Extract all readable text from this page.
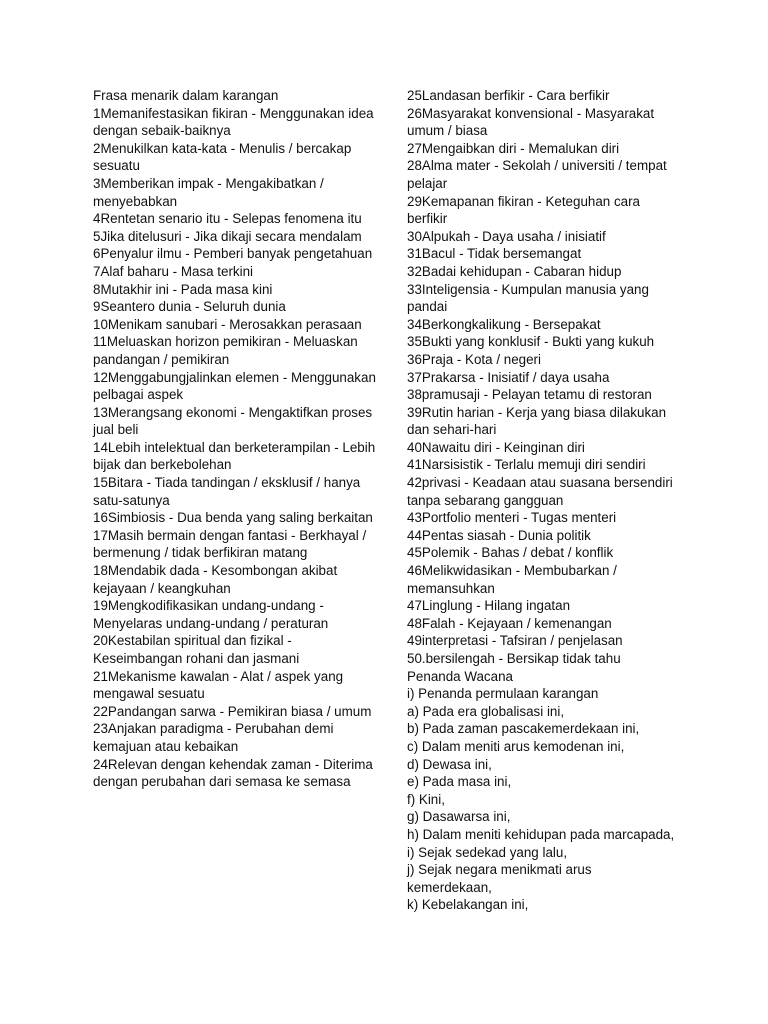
Frasa menarik dalam karangan
1Memanifestasikan fikiran - Menggunakan idea dengan sebaik-baiknya
2Menukilkan kata-kata - Menulis / bercakap sesuatu
3Memberikan impak - Mengakibatkan / menyebabkan
4Rentetan senario itu - Selepas fenomena itu
5Jika ditelusuri - Jika dikaji secara mendalam
6Penyalur ilmu - Pemberi banyak pengetahuan
7Alaf baharu - Masa terkini
8Mutakhir ini - Pada masa kini
9Seantero dunia - Seluruh dunia
10Menikam sanubari - Merosakkan perasaan
11Meluaskan horizon pemikiran - Meluaskan pandangan / pemikiran
12Menggabungjalinkan elemen - Menggunakan pelbagai aspek
13Merangsang ekonomi - Mengaktifkan proses jual beli
14Lebih intelektual dan berketerampilan - Lebih bijak dan berkebolehan
15Bitara - Tiada tandingan / eksklusif / hanya satu-satunya
16Simbiosis - Dua benda yang saling berkaitan
17Masih bermain dengan fantasi - Berkhayal / bermenung / tidak berfikiran matang
18Mendabik dada - Kesombongan akibat kejayaan / keangkuhan
19Mengkodifikasikan undang-undang - Menyelaras undang-undang / peraturan
20Kestabilan spiritual dan fizikal - Keseimbangan rohani dan jasmani
21Mekanisme kawalan - Alat / aspek yang mengawal sesuatu
22Pandangan sarwa - Pemikiran biasa / umum
23Anjakan paradigma - Perubahan demi kemajuan atau kebaikan
24Relevan dengan kehendak zaman - Diterima dengan perubahan dari semasa ke semasa
25Landasan berfikir - Cara berfikir
26Masyarakat konvensional - Masyarakat umum / biasa
27Mengaibkan diri - Memalukan diri
28Alma mater - Sekolah / universiti / tempat pelajar
29Kemapanan fikiran - Keteguhan cara berfikir
30Alpukah - Daya usaha / inisiatif
31Bacul - Tidak bersemangat
32Badai kehidupan - Cabaran hidup
33Inteligensia - Kumpulan manusia yang pandai
34Berkongkalikung - Bersepakat
35Bukti yang konklusif - Bukti yang kukuh
36Praja - Kota / negeri
37Prakarsa - Inisiatif / daya usaha
38pramusaji - Pelayan tetamu di restoran
39Rutin harian - Kerja yang biasa dilakukan dan sehari-hari
40Nawaitu diri - Keinginan diri
41Narsisistik - Terlalu memuji diri sendiri
42privasi - Keadaan atau suasana bersendiri tanpa sebarang gangguan
43Portfolio menteri - Tugas menteri
44Pentas siasah - Dunia politik
45Polemik - Bahas / debat / konflik
46Melikwidasikan - Membubarkan / memansuhkan
47Linglung - Hilang ingatan
48Falah - Kejayaan / kemenangan
49interpretasi - Tafsiran / penjelasan
50.bersilengah - Bersikap tidak tahu
Penanda Wacana
i) Penanda permulaan karangan
a) Pada era globalisasi ini,
b) Pada zaman pascakemerdekaan ini,
c) Dalam meniti arus kemodenan ini,
d) Dewasa ini,
e) Pada masa ini,
f) Kini,
g) Dasawarsa ini,
h) Dalam meniti kehidupan pada marcapada,
i) Sejak sedekad yang lalu,
j) Sejak negara menikmati arus kemerdekaan,
k) Kebelakangan ini,
